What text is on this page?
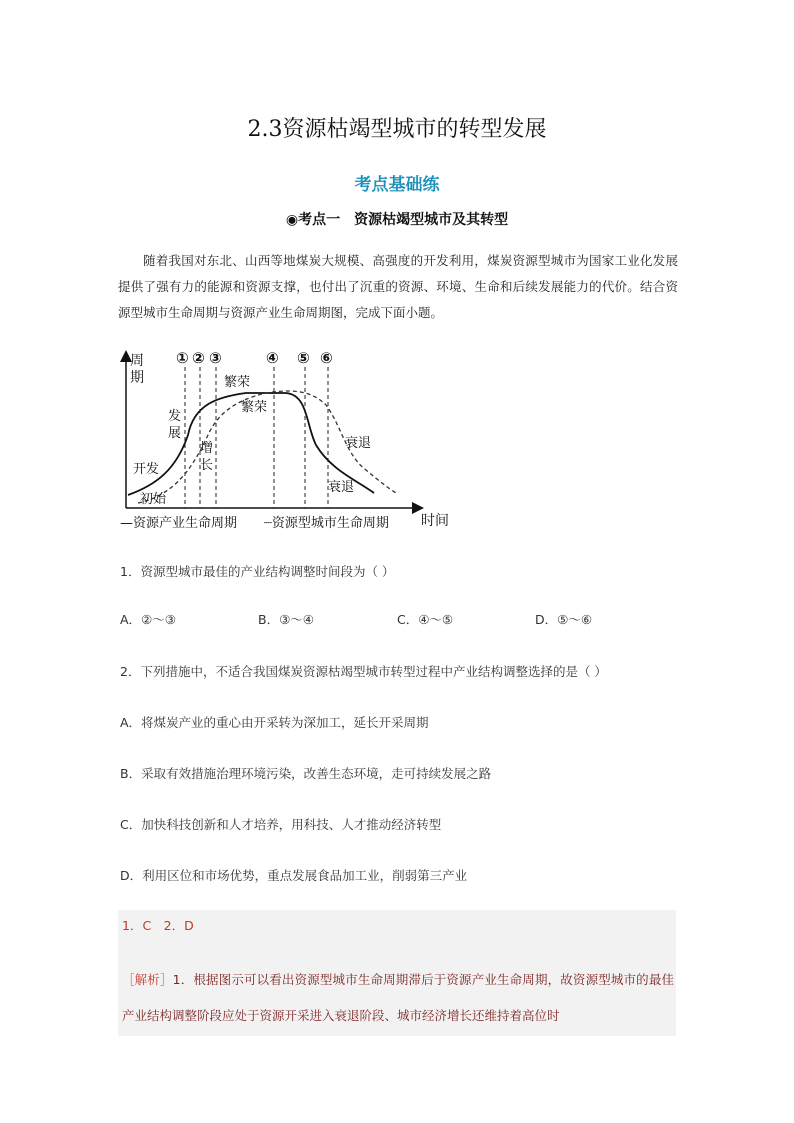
2.3资源枯竭型城市的转型发展
考点基础练
◉考点一　资源枯竭型城市及其转型

随着我国对东北、山西等地煤炭大规模、高强度的开发利用，煤炭资源型城市为国家工业化发展提供了强有力的能源和资源支撑，也付出了沉重的资源、环境、生命和后续发展能力的代价。结合资源型城市生命周期与资源产业生命周期图，完成下面小题。

周
期
① ② ③	④ ⑤ ⑥
繁荣
繁荣
发
展
增
长
衰退
衰退
开发
初始
—资源产业生命周期 ┈资源型城市生命周期 时间
1．资源型城市最佳的产业结构调整时间段为（ ）
A．②～③	B．③～④	C．④～⑤	D．⑤～⑥
2．下列措施中，不适合我国煤炭资源枯竭型城市转型过程中产业结构调整选择的是（ ）
A．将煤炭产业的重心由开采转为深加工，延长开采周期
B．采取有效措施治理环境污染，改善生态环境，走可持续发展之路
C．加快科技创新和人才培养，用科技、人才推动经济转型
D．利用区位和市场优势，重点发展食品加工业，削弱第三产业
1．C　2．D

［解析］1．根据图示可以看出资源型城市生命周期滞后于资源产业生命周期，故资源型城市的最佳产业结构调整阶段应处于资源开采进入衰退阶段、城市经济增长还维持着高位时
